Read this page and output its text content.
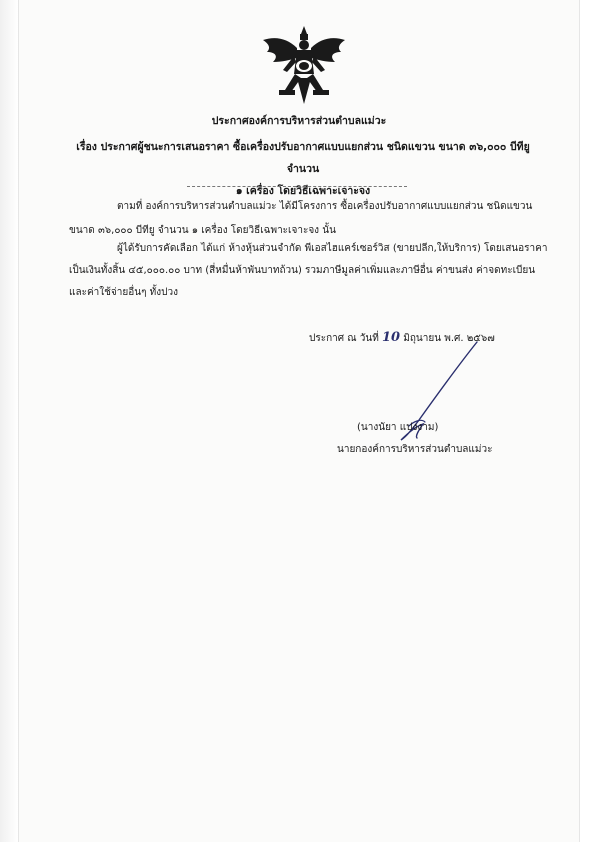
ประกาศองค์การบริหารส่วนตำบลแม่วะ
เรื่อง ประกาศผู้ชนะการเสนอราคา ซื้อเครื่องปรับอากาศแบบแยกส่วน ชนิดแขวน ขนาด ๓๖,๐๐๐ บีทียู จำนวน
๑ เครื่อง โดยวิธีเฉพาะเจาะจง
ตามที่ องค์การบริหารส่วนตำบลแม่วะ ได้มีโครงการ ซื้อเครื่องปรับอากาศแบบแยกส่วน ชนิดแขวน
ขนาด ๓๖,๐๐๐ บีทียู จำนวน ๑ เครื่อง โดยวิธีเฉพาะเจาะจง นั้น
ผู้ได้รับการคัดเลือก ได้แก่ ห้างหุ้นส่วนจำกัด พีเอสไฮแคร์เซอร์วิส (ขายปลีก,ให้บริการ) โดยเสนอราคา
เป็นเงินทั้งสิ้น ๔๕,๐๐๐.๐๐ บาท (สี่หมื่นห้าพันบาทถ้วน) รวมภาษีมูลค่าเพิ่มและภาษีอื่น ค่าขนส่ง ค่าจดทะเบียน
และค่าใช้จ่ายอื่นๆ ทั้งปวง
ประกาศ ณ วันที่ 10 มิถุนายน พ.ศ. ๒๕๖๗
(นางนัยา แปงงาม)
นายกองค์การบริหารส่วนตำบลแม่วะ
